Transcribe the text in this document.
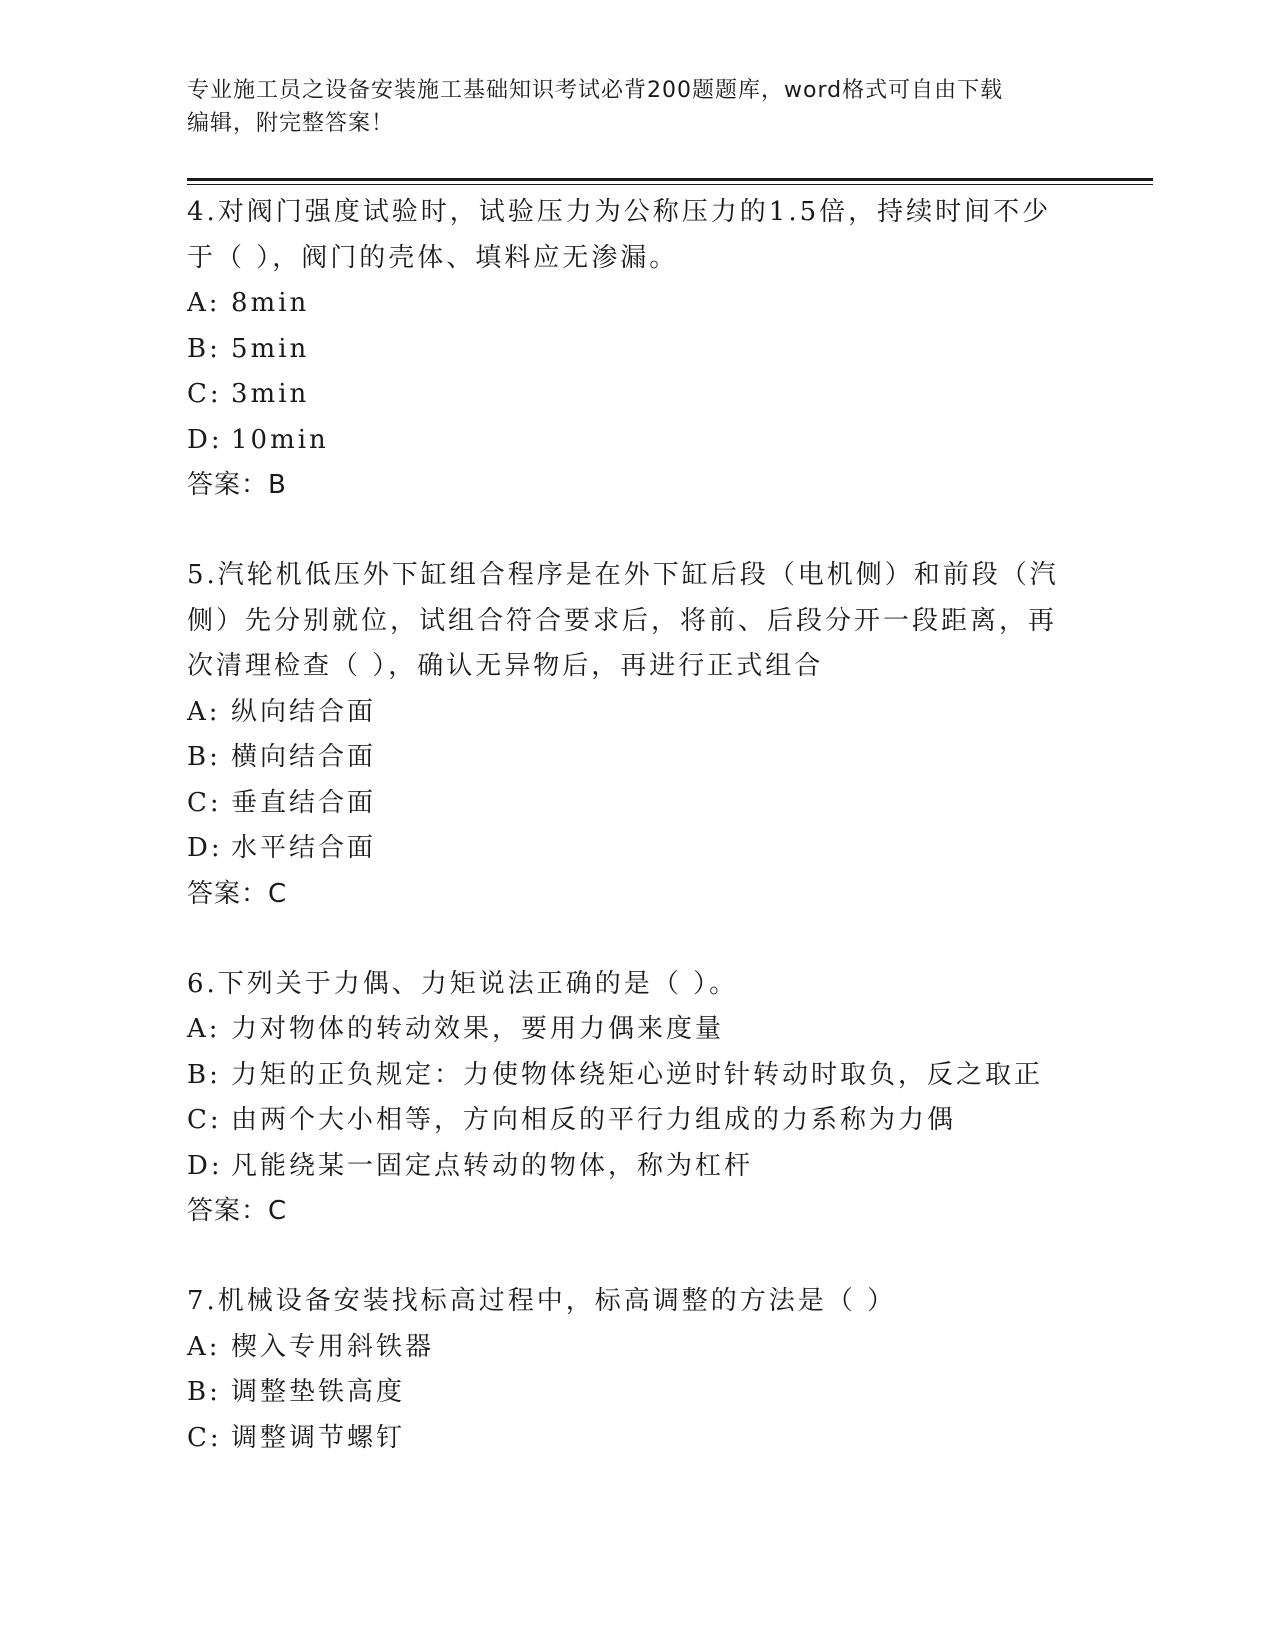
专业施工员之设备安装施工基础知识考试必背200题题库，word格式可自由下载
编辑，附完整答案！
4.对阀门强度试验时，试验压力为公称压力的1.5倍，持续时间不少
于（ ），阀门的壳体、填料应无渗漏。
A: 8min
B: 5min
C: 3min
D: 10min
答案：B
5.汽轮机低压外下缸组合程序是在外下缸后段（电机侧）和前段（汽
侧）先分别就位，试组合符合要求后，将前、后段分开一段距离，再
次清理检查（ ），确认无异物后，再进行正式组合
A: 纵向结合面
B: 横向结合面
C: 垂直结合面
D: 水平结合面
答案：C
6.下列关于力偶、力矩说法正确的是（ ）。
A: 力对物体的转动效果，要用力偶来度量
B: 力矩的正负规定：力使物体绕矩心逆时针转动时取负，反之取正
C: 由两个大小相等，方向相反的平行力组成的力系称为力偶
D: 凡能绕某一固定点转动的物体，称为杠杆
答案：C
7.机械设备安装找标高过程中，标高调整的方法是（ ）
A: 楔入专用斜铁器
B: 调整垫铁高度
C: 调整调节螺钉
